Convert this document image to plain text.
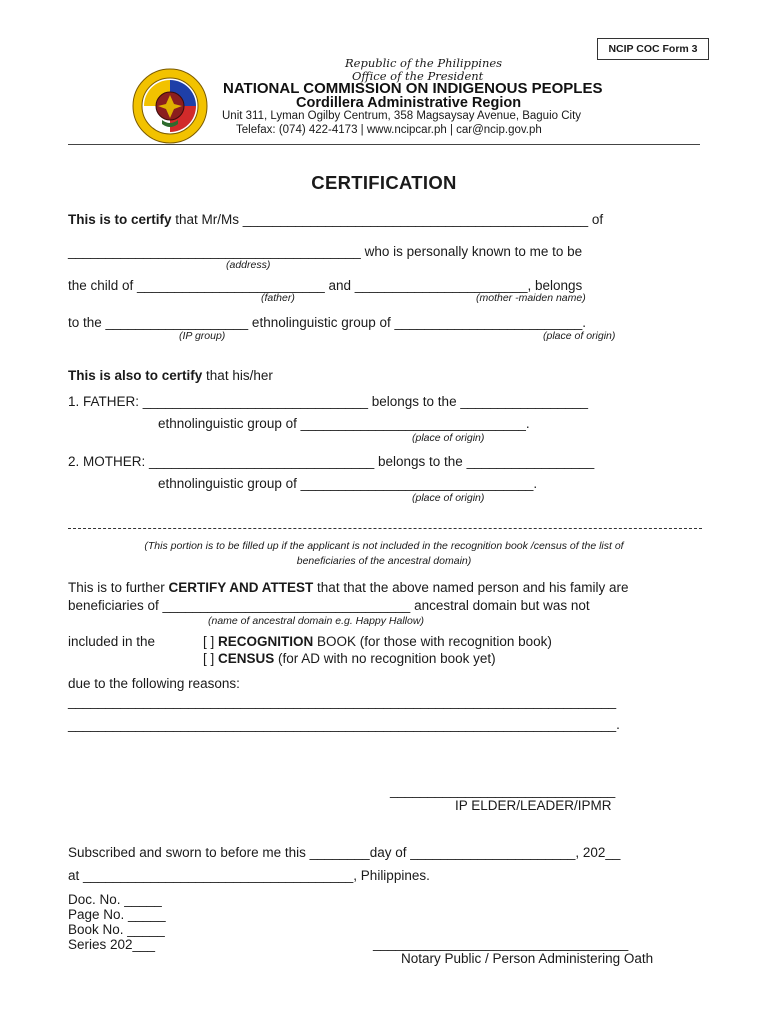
NCIP COC Form 3
Republic of the Philippines
Office of the President
NATIONAL COMMISSION ON INDIGENOUS PEOPLES
Cordillera Administrative Region
Unit 311, Lyman Ogilby Centrum, 358 Magsaysay Avenue, Baguio City
Telefax: (074) 422-4173 | www.ncipcar.ph | car@ncip.gov.ph
CERTIFICATION
This is to certify that Mr/Ms ______________________________________________ of
_______________________________________ who is personally known to me to be
(address)
the child of _________________________ and _______________________, belongs
(father)	(mother -maiden name)
to the ___________________ ethnolinguistic group of _________________________.
(IP group)	(place of origin)
This is also to certify that his/her
1. FATHER: ______________________________ belongs to the _________________
ethnolinguistic group of ______________________________.
(place of origin)
2. MOTHER: ______________________________ belongs to the _________________
ethnolinguistic group of _______________________________.
(place of origin)
(This portion is to be filled up if the applicant is not included in the recognition book /census of the list of
beneficiaries of the ancestral domain)
This is to further CERTIFY AND ATTEST that that the above named person and his family are
beneficiaries of _________________________________ ancestral domain but was not
(name of ancestral domain e.g. Happy Hallow)
included in the	[ ] RECOGNITION BOOK (for those with recognition book)
[ ] CENSUS (for AD with no recognition book yet)
due to the following reasons:
_________________________________________________________________________
_________________________________________________________________________.
______________________________
IP ELDER/LEADER/IPMR
Subscribed and sworn to before me this ________day of ______________________, 202__
at ____________________________________, Philippines.
Doc. No. _____
Page No. _____
Book No. _____
Series 202___	__________________________________
Notary Public / Person Administering Oath
